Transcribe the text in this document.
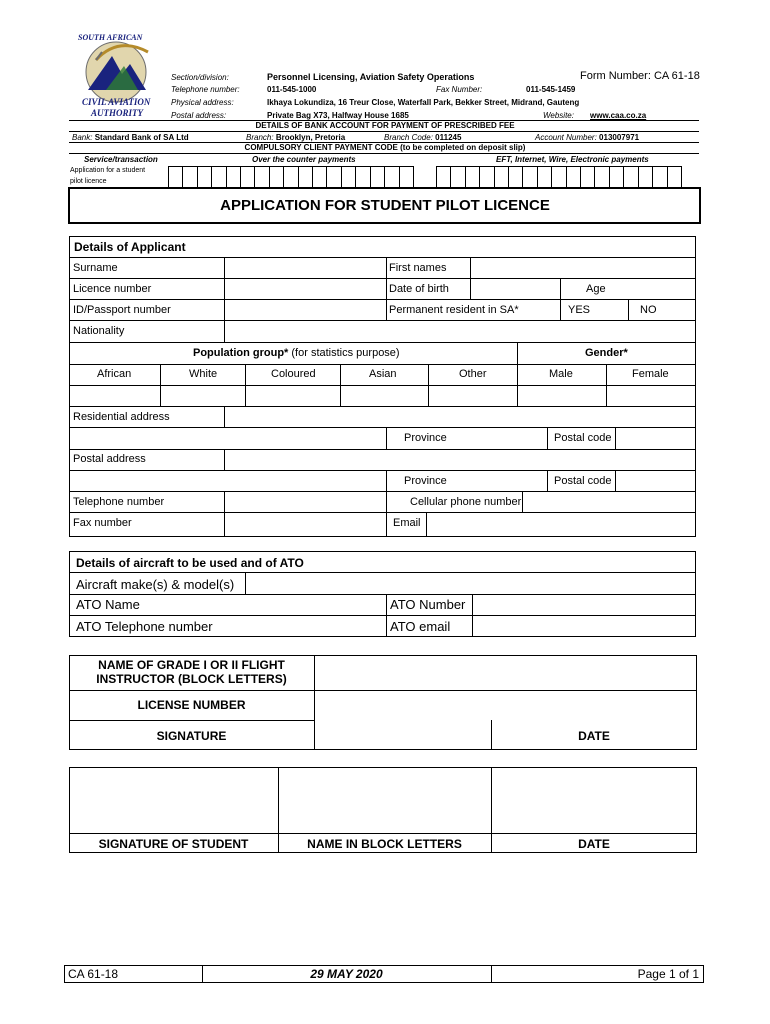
SOUTH AFRICAN
CIVIL AVIATION
AUTHORITY
Section/division:	Personnel Licensing, Aviation Safety Operations	Form Number: CA 61-18
Telephone number:	011-545-1000	Fax Number:	011-545-1459
Physical address:	Ikhaya Lokundiza, 16 Treur Close, Waterfall Park, Bekker Street, Midrand, Gauteng
Postal address:	Private Bag X73, Halfway House 1685	Website: www.caa.co.za
DETAILS OF BANK ACCOUNT FOR PAYMENT OF PRESCRIBED FEE
Bank: Standard Bank of SA Ltd	Branch: Brooklyn, Pretoria	Branch Code: 011245	Account Number: 013007971
COMPULSORY CLIENT PAYMENT CODE (to be completed on deposit slip)
Service/transaction	Over the counter payments	EFT, Internet, Wire, Electronic payments
Application for a student
pilot licence
APPLICATION FOR STUDENT PILOT LICENCE
Details of Applicant
Surname	First names
Licence number	Date of birth	Age
ID/Passport number	Permanent resident in SA*	YES	NO
Nationality
Population group* (for statistics purpose)	Gender*
African	White	Coloured	Asian	Other	Male	Female
Residential address
Province	Postal code
Postal address
Province	Postal code
Telephone number	Cellular phone number
Fax number	Email
Details of aircraft to be used and of ATO
Aircraft make(s) & model(s)
ATO Name	ATO Number
ATO Telephone number	ATO email
NAME OF GRADE I OR II FLIGHT
INSTRUCTOR (BLOCK LETTERS)
LICENSE NUMBER
SIGNATURE	DATE
SIGNATURE OF STUDENT	NAME IN BLOCK LETTERS	DATE
CA 61-18	29 MAY 2020	Page 1 of 1
